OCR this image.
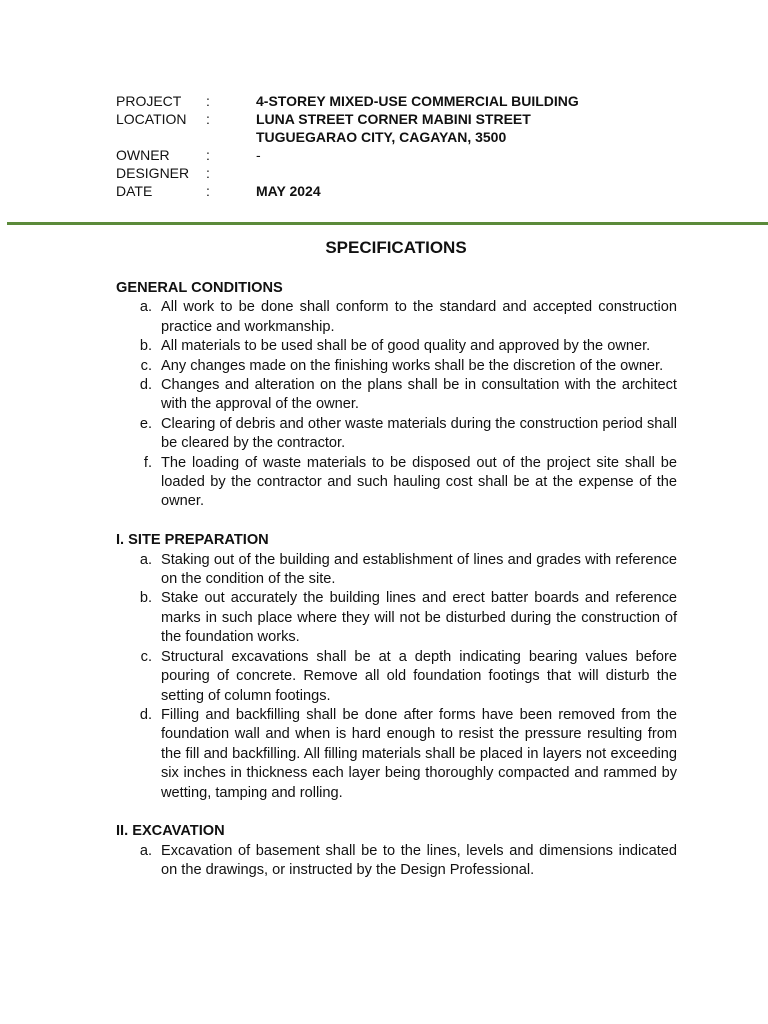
PROJECT	:	4-STOREY MIXED-USE COMMERCIAL BUILDING
LOCATION	:	LUNA STREET CORNER MABINI STREET
TUGUEGARAO CITY, CAGAYAN, 3500
OWNER	:	-
DESIGNER	:
DATE	:	MAY 2024
SPECIFICATIONS

GENERAL CONDITIONS

a. All work to be done shall conform to the standard and accepted construction practice and workmanship.
b. All materials to be used shall be of good quality and approved by the owner.
c. Any changes made on the finishing works shall be the discretion of the owner.
d. Changes and alteration on the plans shall be in consultation with the architect with the approval of the owner.
e. Clearing of debris and other waste materials during the construction period shall be cleared by the contractor.
f. The loading of waste materials to be disposed out of the project site shall be loaded by the contractor and such hauling cost shall be at the expense of the owner.

I. SITE PREPARATION

a. Staking out of the building and establishment of lines and grades with reference on the condition of the site.
b. Stake out accurately the building lines and erect batter boards and reference marks in such place where they will not be disturbed during the construction of the foundation works.
c. Structural excavations shall be at a depth indicating bearing values before pouring of concrete. Remove all old foundation footings that will disturb the setting of column footings.
d. Filling and backfilling shall be done after forms have been removed from the foundation wall and when is hard enough to resist the pressure resulting from the fill and backfilling. All filling materials shall be placed in layers not exceeding six inches in thickness each layer being thoroughly compacted and rammed by wetting, tamping and rolling.

II. EXCAVATION

a. Excavation of basement shall be to the lines, levels and dimensions indicated on the drawings, or instructed by the Design Professional.
